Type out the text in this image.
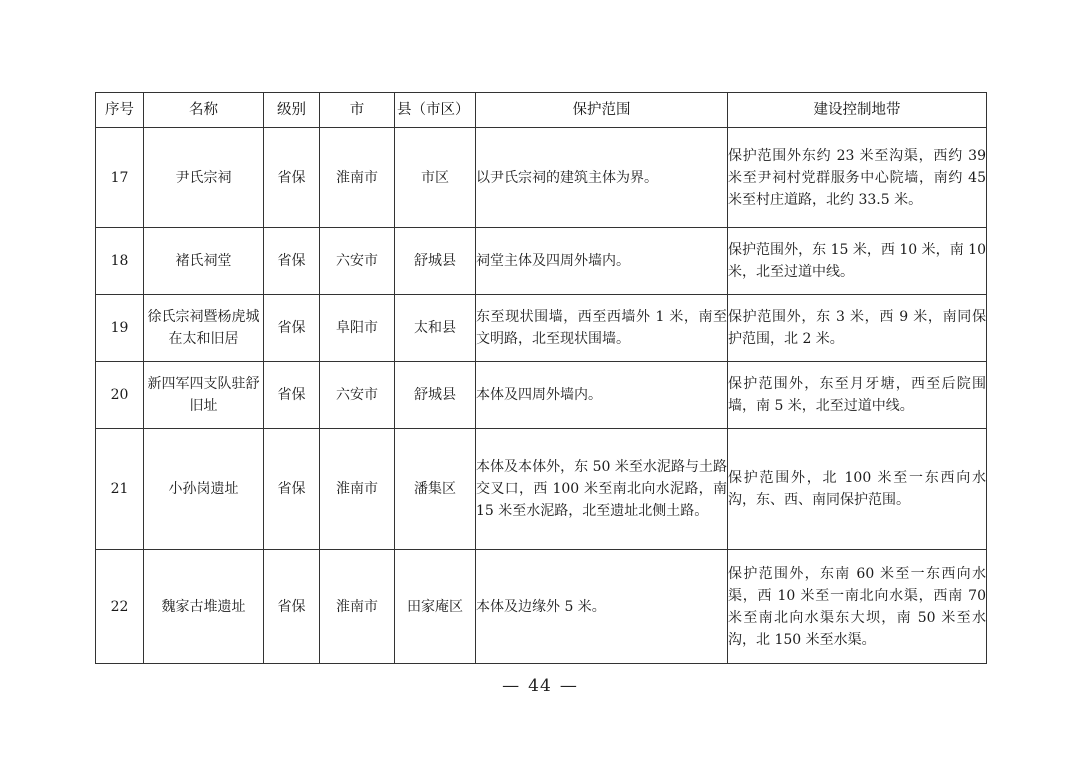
序号	名称	级别	市	县（市区）	保护范围	建设控制地带
17	尹氏宗祠	省保	淮南市	市区	以尹氏宗祠的建筑主体为界。	保护范围外东约 23 米至沟渠，西约 39 米至尹祠村党群服务中心院墙，南约 45 米至村庄道路，北约 33.5 米。
18	褚氏祠堂	省保	六安市	舒城县	祠堂主体及四周外墙内。	保护范围外，东 15 米，西 10 米，南 10 米，北至过道中线。
19	徐氏宗祠暨杨虎城在太和旧居	省保	阜阳市	太和县	东至现状围墙，西至西墙外 1 米，南至文明路，北至现状围墙。	保护范围外，东 3 米，西 9 米，南同保护范围，北 2 米。
20	新四军四支队驻舒旧址	省保	六安市	舒城县	本体及四周外墙内。	保护范围外，东至月牙塘，西至后院围墙，南 5 米，北至过道中线。
21	小孙岗遗址	省保	淮南市	潘集区	本体及本体外，东 50 米至水泥路与土路交叉口，西 100 米至南北向水泥路，南 15 米至水泥路，北至遗址北侧土路。	保护范围外，北 100 米至一东西向水沟，东、西、南同保护范围。
22	魏家古堆遗址	省保	淮南市	田家庵区	本体及边缘外 5 米。	保护范围外，东南 60 米至一东西向水渠，西 10 米至一南北向水渠，西南 70 米至南北向水渠东大坝，南 50 米至水沟，北 150 米至水渠。
— 44 —
